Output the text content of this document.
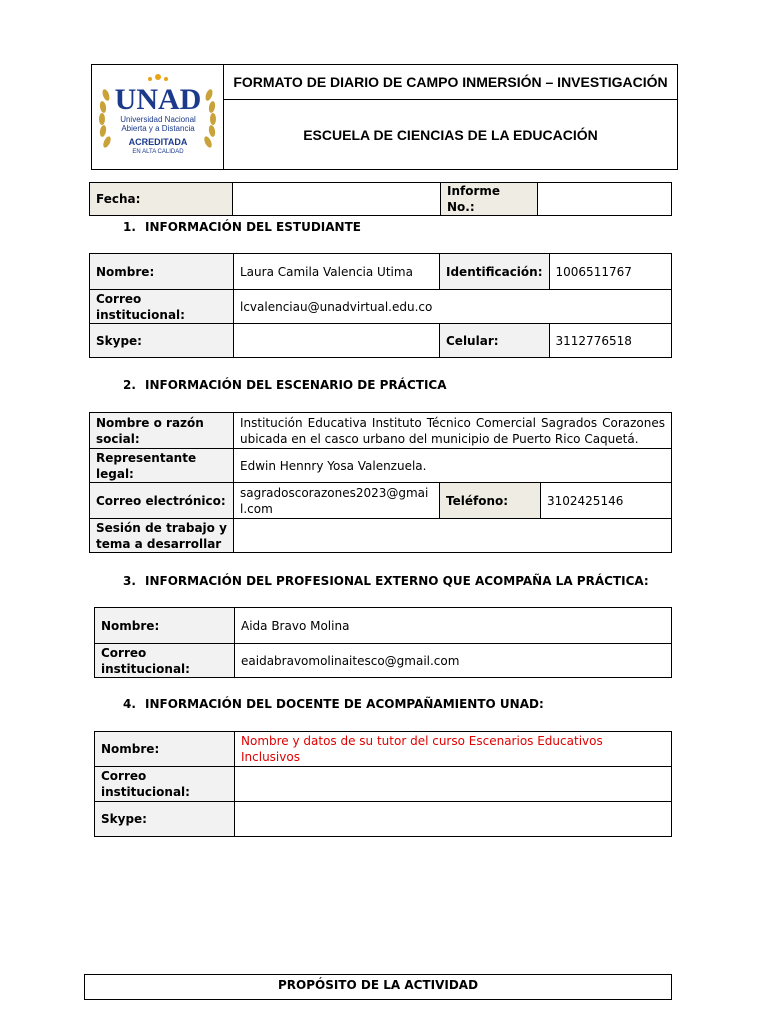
UNAD
Universidad Nacional
Abierta y a Distancia
ACREDITADA
EN ALTA CALIDAD
	FORMATO DE DIARIO DE CAMPO INMERSIÓN – INVESTIGACIÓN
ESCUELA DE CIENCIAS DE LA EDUCACIÓN
Fecha:		Informe No.:	
1. INFORMACIÓN DEL ESTUDIANTE
Nombre:	Laura Camila Valencia Utima	Identificación:	1006511767
Correo institucional:	lcvalenciau@unadvirtual.edu.co		
Skype:		Celular:	3112776518
2. INFORMACIÓN DEL ESCENARIO DE PRÁCTICA
Nombre o razón social:	Institución Educativa Instituto Técnico Comercial Sagrados Corazones ubicada en el casco urbano del municipio de Puerto Rico Caquetá.		
Representante legal:	Edwin Hennry Yosa Valenzuela.		
Correo electrónico:	sagradoscorazones2023@gmail.com	Teléfono:	3102425146
Sesión de trabajo y tema a desarrollar			
3. INFORMACIÓN DEL PROFESIONAL EXTERNO QUE ACOMPAÑA LA PRÁCTICA:
Nombre:	Aida Bravo Molina
Correo institucional:	eaidabravomolinaitesco@gmail.com
4. INFORMACIÓN DEL DOCENTE DE ACOMPAÑAMIENTO UNAD:
Nombre:	Nombre y datos de su tutor del curso Escenarios Educativos Inclusivos
Correo institucional:	
Skype:	
PROPÓSITO DE LA ACTIVIDAD
